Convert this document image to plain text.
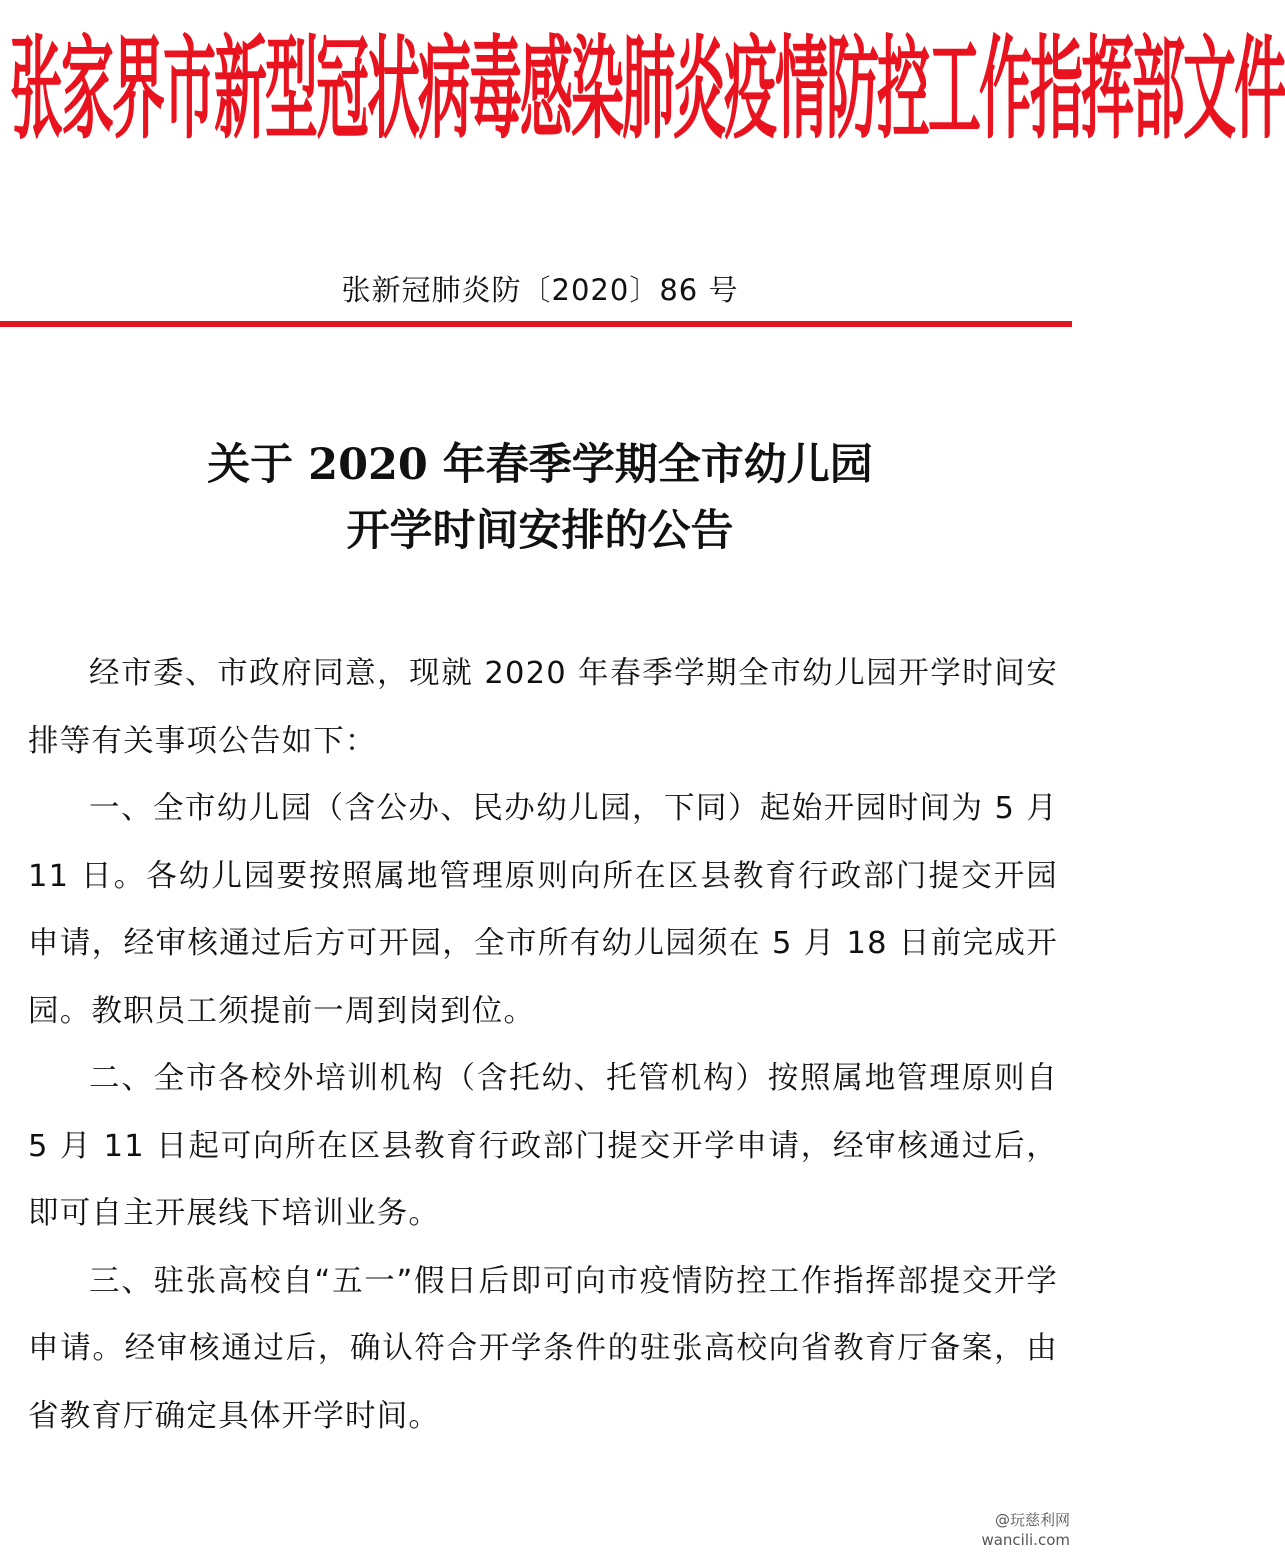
张家界市新型冠状病毒感染肺炎疫情防控工作指挥部文件
张新冠肺炎防〔2020〕86 号
关于 2020 年春季学期全市幼儿园
开学时间安排的公告

经市委、市政府同意，现就 2020 年春季学期全市幼儿园开学时间安排等有关事项公告如下：

一、全市幼儿园（含公办、民办幼儿园，下同）起始开园时间为 5 月 11 日。各幼儿园要按照属地管理原则向所在区县教育行政部门提交开园申请，经审核通过后方可开园，全市所有幼儿园须在 5 月 18 日前完成开园。教职员工须提前一周到岗到位。

二、全市各校外培训机构（含托幼、托管机构）按照属地管理原则自 5 月 11 日起可向所在区县教育行政部门提交开学申请，经审核通过后，即可自主开展线下培训业务。

三、驻张高校自“五一”假日后即可向市疫情防控工作指挥部提交开学申请。经审核通过后，确认符合开学条件的驻张高校向省教育厅备案，由省教育厅确定具体开学时间。

@玩慈利网
wancili.com
